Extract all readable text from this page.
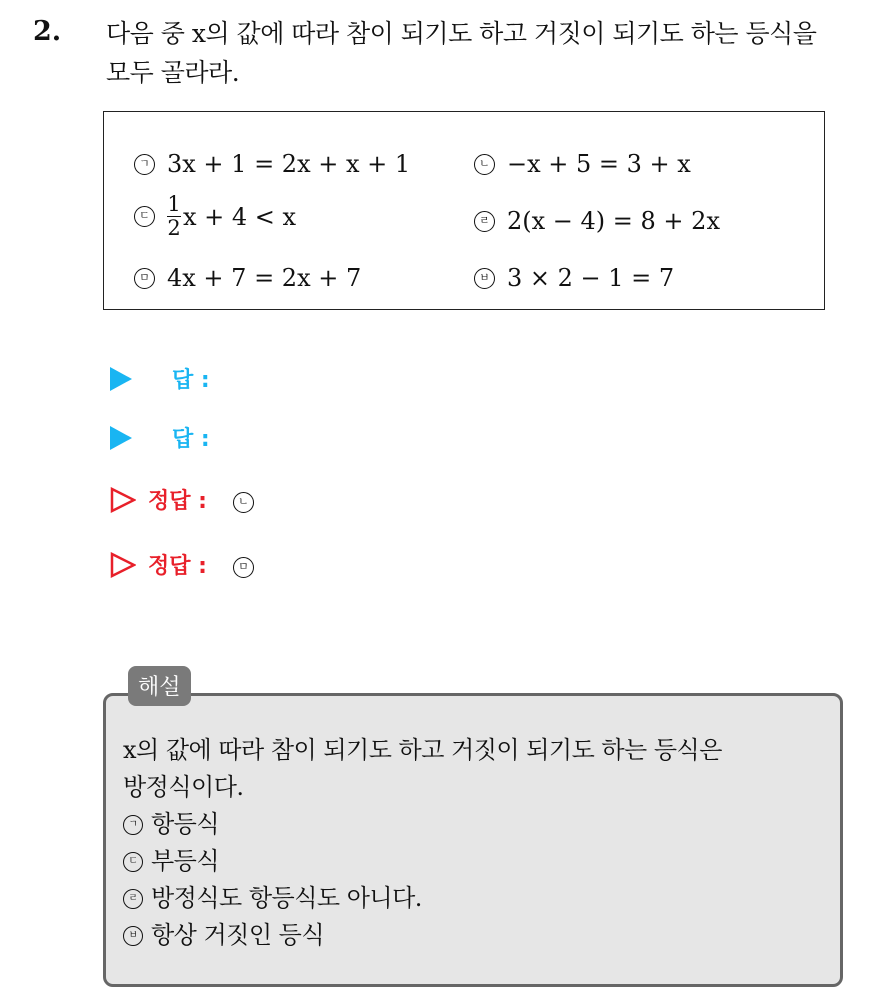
2. 다음 중 x의 값에 따라 참이 되기도 하고 거짓이 되기도 하는 등식을
모두 골라라.
ㄱ 3x + 1 = 2x + x + 1	ㄴ −x + 5 = 3 + x
ㄷ $\frac{1}{2}$ x + 4 < x	ㄹ 2(x − 4) = 8 + 2x
ㅁ 4x + 7 = 2x + 7	ㅂ 3 × 2 − 1 = 7
답 :
답 :
정답 :	ㄴ
정답 :	ㅁ
해설
x의 값에 따라 참이 되기도 하고 거짓이 되기도 하는 등식은
방정식이다.
ㄱ 항등식
ㄷ 부등식
ㄹ 방정식도 항등식도 아니다.
ㅂ 항상 거짓인 등식
